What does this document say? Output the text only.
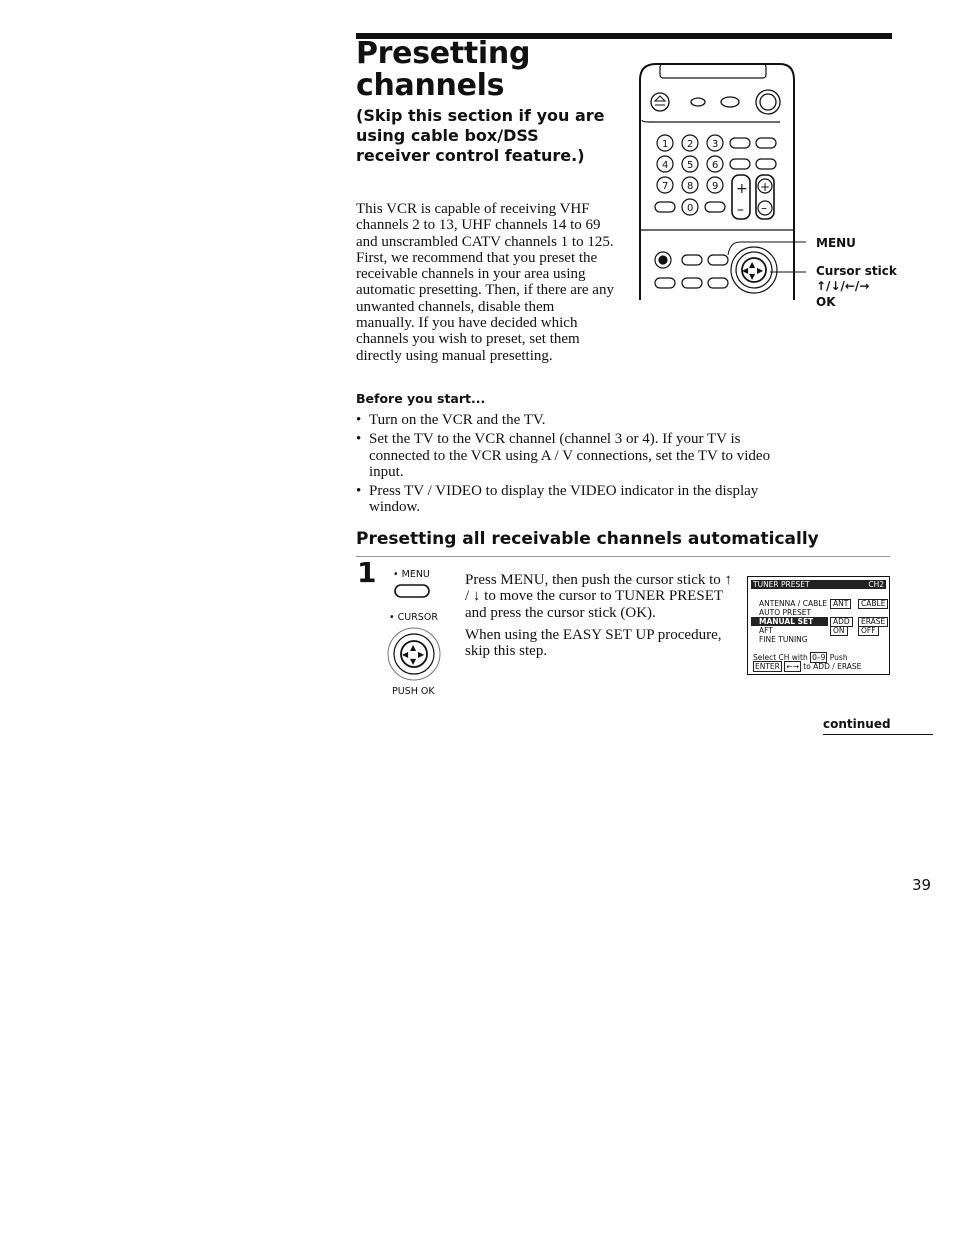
Presetting channels
(Skip this section if you are using cable box/DSS receiver control feature.)
1 2 3
4 5 6
7 8 9
0
+
–
+
–
▲
▼
◀ ▶
MENU
Cursor stick
↑/↓/←/→
OK
This VCR is capable of receiving VHF channels 2 to 13, UHF channels 14 to 69 and unscrambled CATV channels 1 to 125. First, we recommend that you preset the receivable channels in your area using automatic presetting. Then, if there are any unwanted channels, disable them manually. If you have decided which channels you wish to preset, set them directly using manual presetting.
Before you start...
• Turn on the VCR and the TV.
• Set the TV to the VCR channel (channel 3 or 4). If your TV is connected to the VCR using A / V connections, set the TV to video input.
• Press TV / VIDEO to display the VIDEO indicator in the display window.
Presetting all receivable channels automatically
1 • MENU
• CURSOR
▲
▼
◀ ▶
PUSH OK
Press MENU, then push the cursor stick to ↑ / ↓ to move the cursor to TUNER PRESET and press the cursor stick (OK).
When using the EASY SET UP procedure, skip this step.
TUNER PRESET	CH2
ANTENNA / CABLE ANT	CABLE
AUTO PRESET
MANUAL SET	ADD	ERASE
AFT	ON	OFF
FINE TUNING
Select CH with 0–9 Push
ENTER ←→ to ADD / ERASE
continued
39
